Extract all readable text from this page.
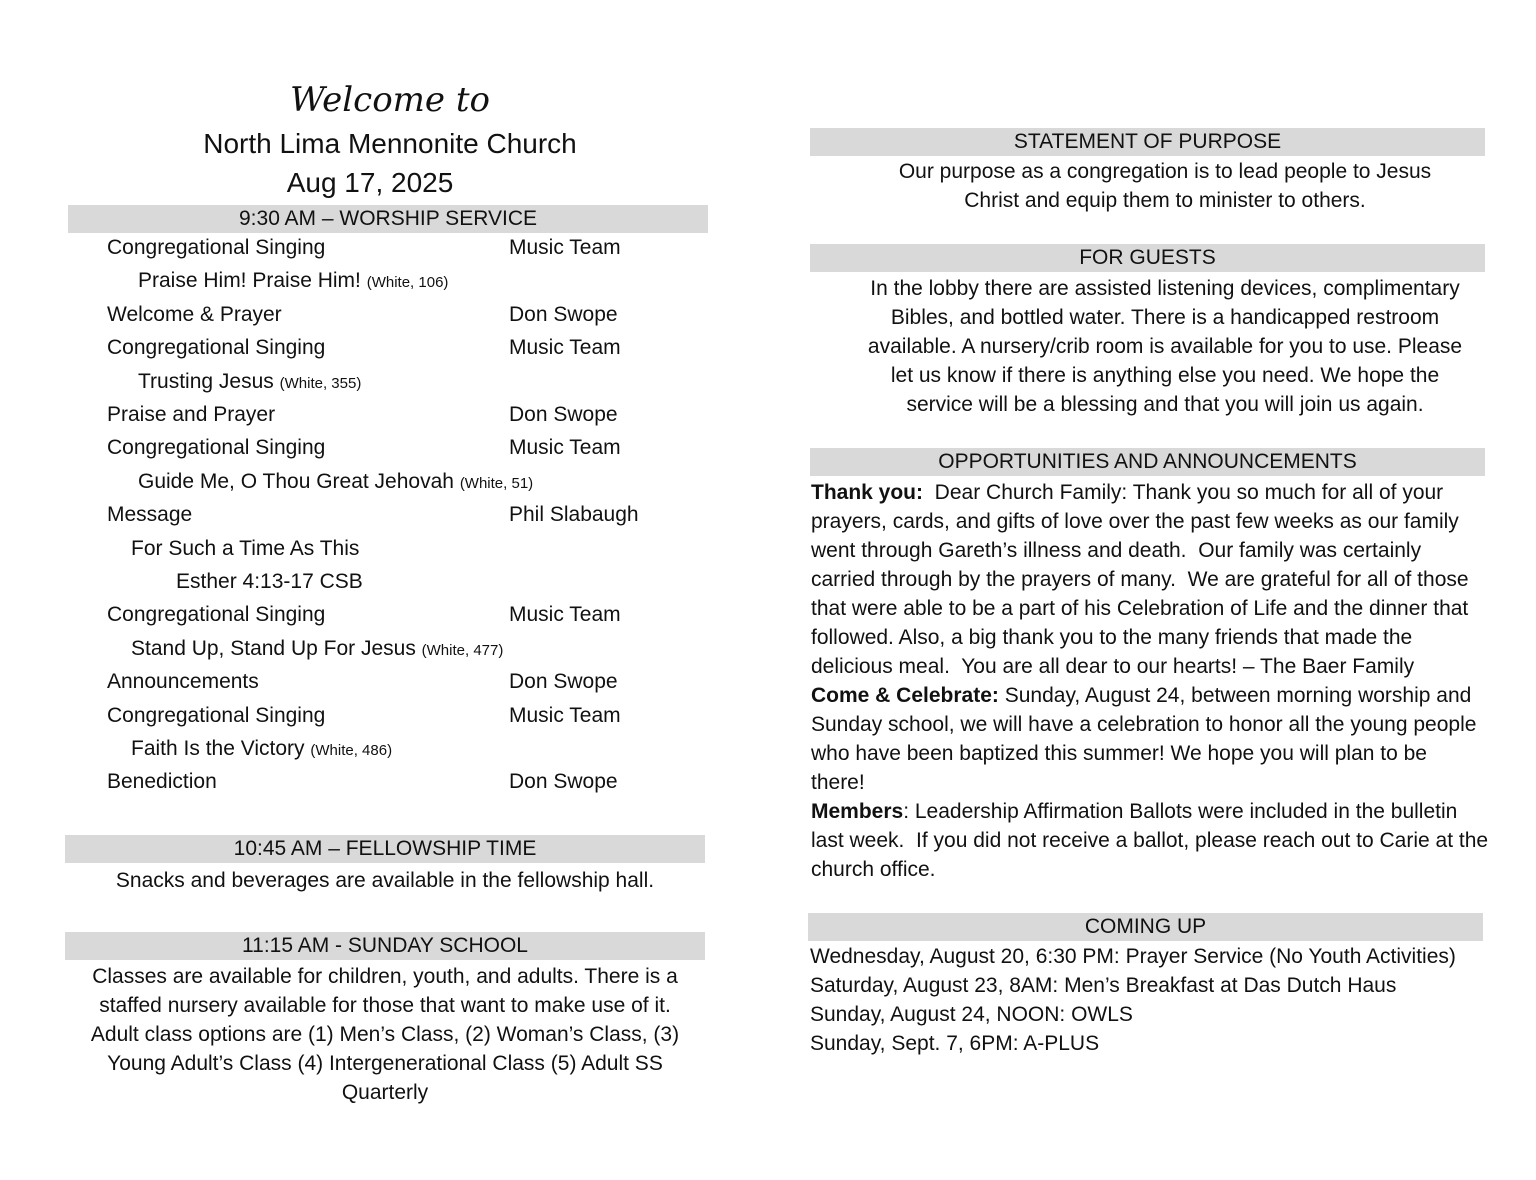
Welcome to
North Lima Mennonite Church
Aug 17, 2025
9:30 AM – WORSHIP SERVICE
Congregational Singing	Music Team
Praise Him! Praise Him! (White, 106)
Welcome & Prayer	Don Swope
Congregational Singing	Music Team
Trusting Jesus (White, 355)
Praise and Prayer	Don Swope
Congregational Singing	Music Team
Guide Me, O Thou Great Jehovah (White, 51)
Message	Phil Slabaugh
For Such a Time As This
Esther 4:13-17 CSB
Congregational Singing	Music Team
Stand Up, Stand Up For Jesus (White, 477)
Announcements	Don Swope
Congregational Singing	Music Team
Faith Is the Victory (White, 486)
Benediction	Don Swope
10:45 AM – FELLOWSHIP TIME
Snacks and beverages are available in the fellowship hall.
11:15 AM - SUNDAY SCHOOL
Classes are available for children, youth, and adults. There is a
staffed nursery available for those that want to make use of it.
Adult class options are (1) Men’s Class, (2) Woman’s Class, (3)
Young Adult’s Class (4) Intergenerational Class (5) Adult SS
Quarterly
STATEMENT OF PURPOSE
Our purpose as a congregation is to lead people to Jesus
Christ and equip them to minister to others.
FOR GUESTS
In the lobby there are assisted listening devices, complimentary
Bibles, and bottled water. There is a handicapped restroom
available. A nursery/crib room is available for you to use. Please
let us know if there is anything else you need. We hope the
service will be a blessing and that you will join us again.
OPPORTUNITIES AND ANNOUNCEMENTS
Thank you:  Dear Church Family: Thank you so much for all of your
prayers, cards, and gifts of love over the past few weeks as our family
went through Gareth’s illness and death.  Our family was certainly
carried through by the prayers of many.  We are grateful for all of those
that were able to be a part of his Celebration of Life and the dinner that
followed. Also, a big thank you to the many friends that made the
delicious meal.  You are all dear to our hearts! – The Baer Family
Come & Celebrate: Sunday, August 24, between morning worship and
Sunday school, we will have a celebration to honor all the young people
who have been baptized this summer! We hope you will plan to be
there!
Members: Leadership Affirmation Ballots were included in the bulletin
last week.  If you did not receive a ballot, please reach out to Carie at the
church office.
COMING UP
Wednesday, August 20, 6:30 PM: Prayer Service (No Youth Activities)
Saturday, August 23, 8AM: Men’s Breakfast at Das Dutch Haus
Sunday, August 24, NOON: OWLS
Sunday, Sept. 7, 6PM: A-PLUS
